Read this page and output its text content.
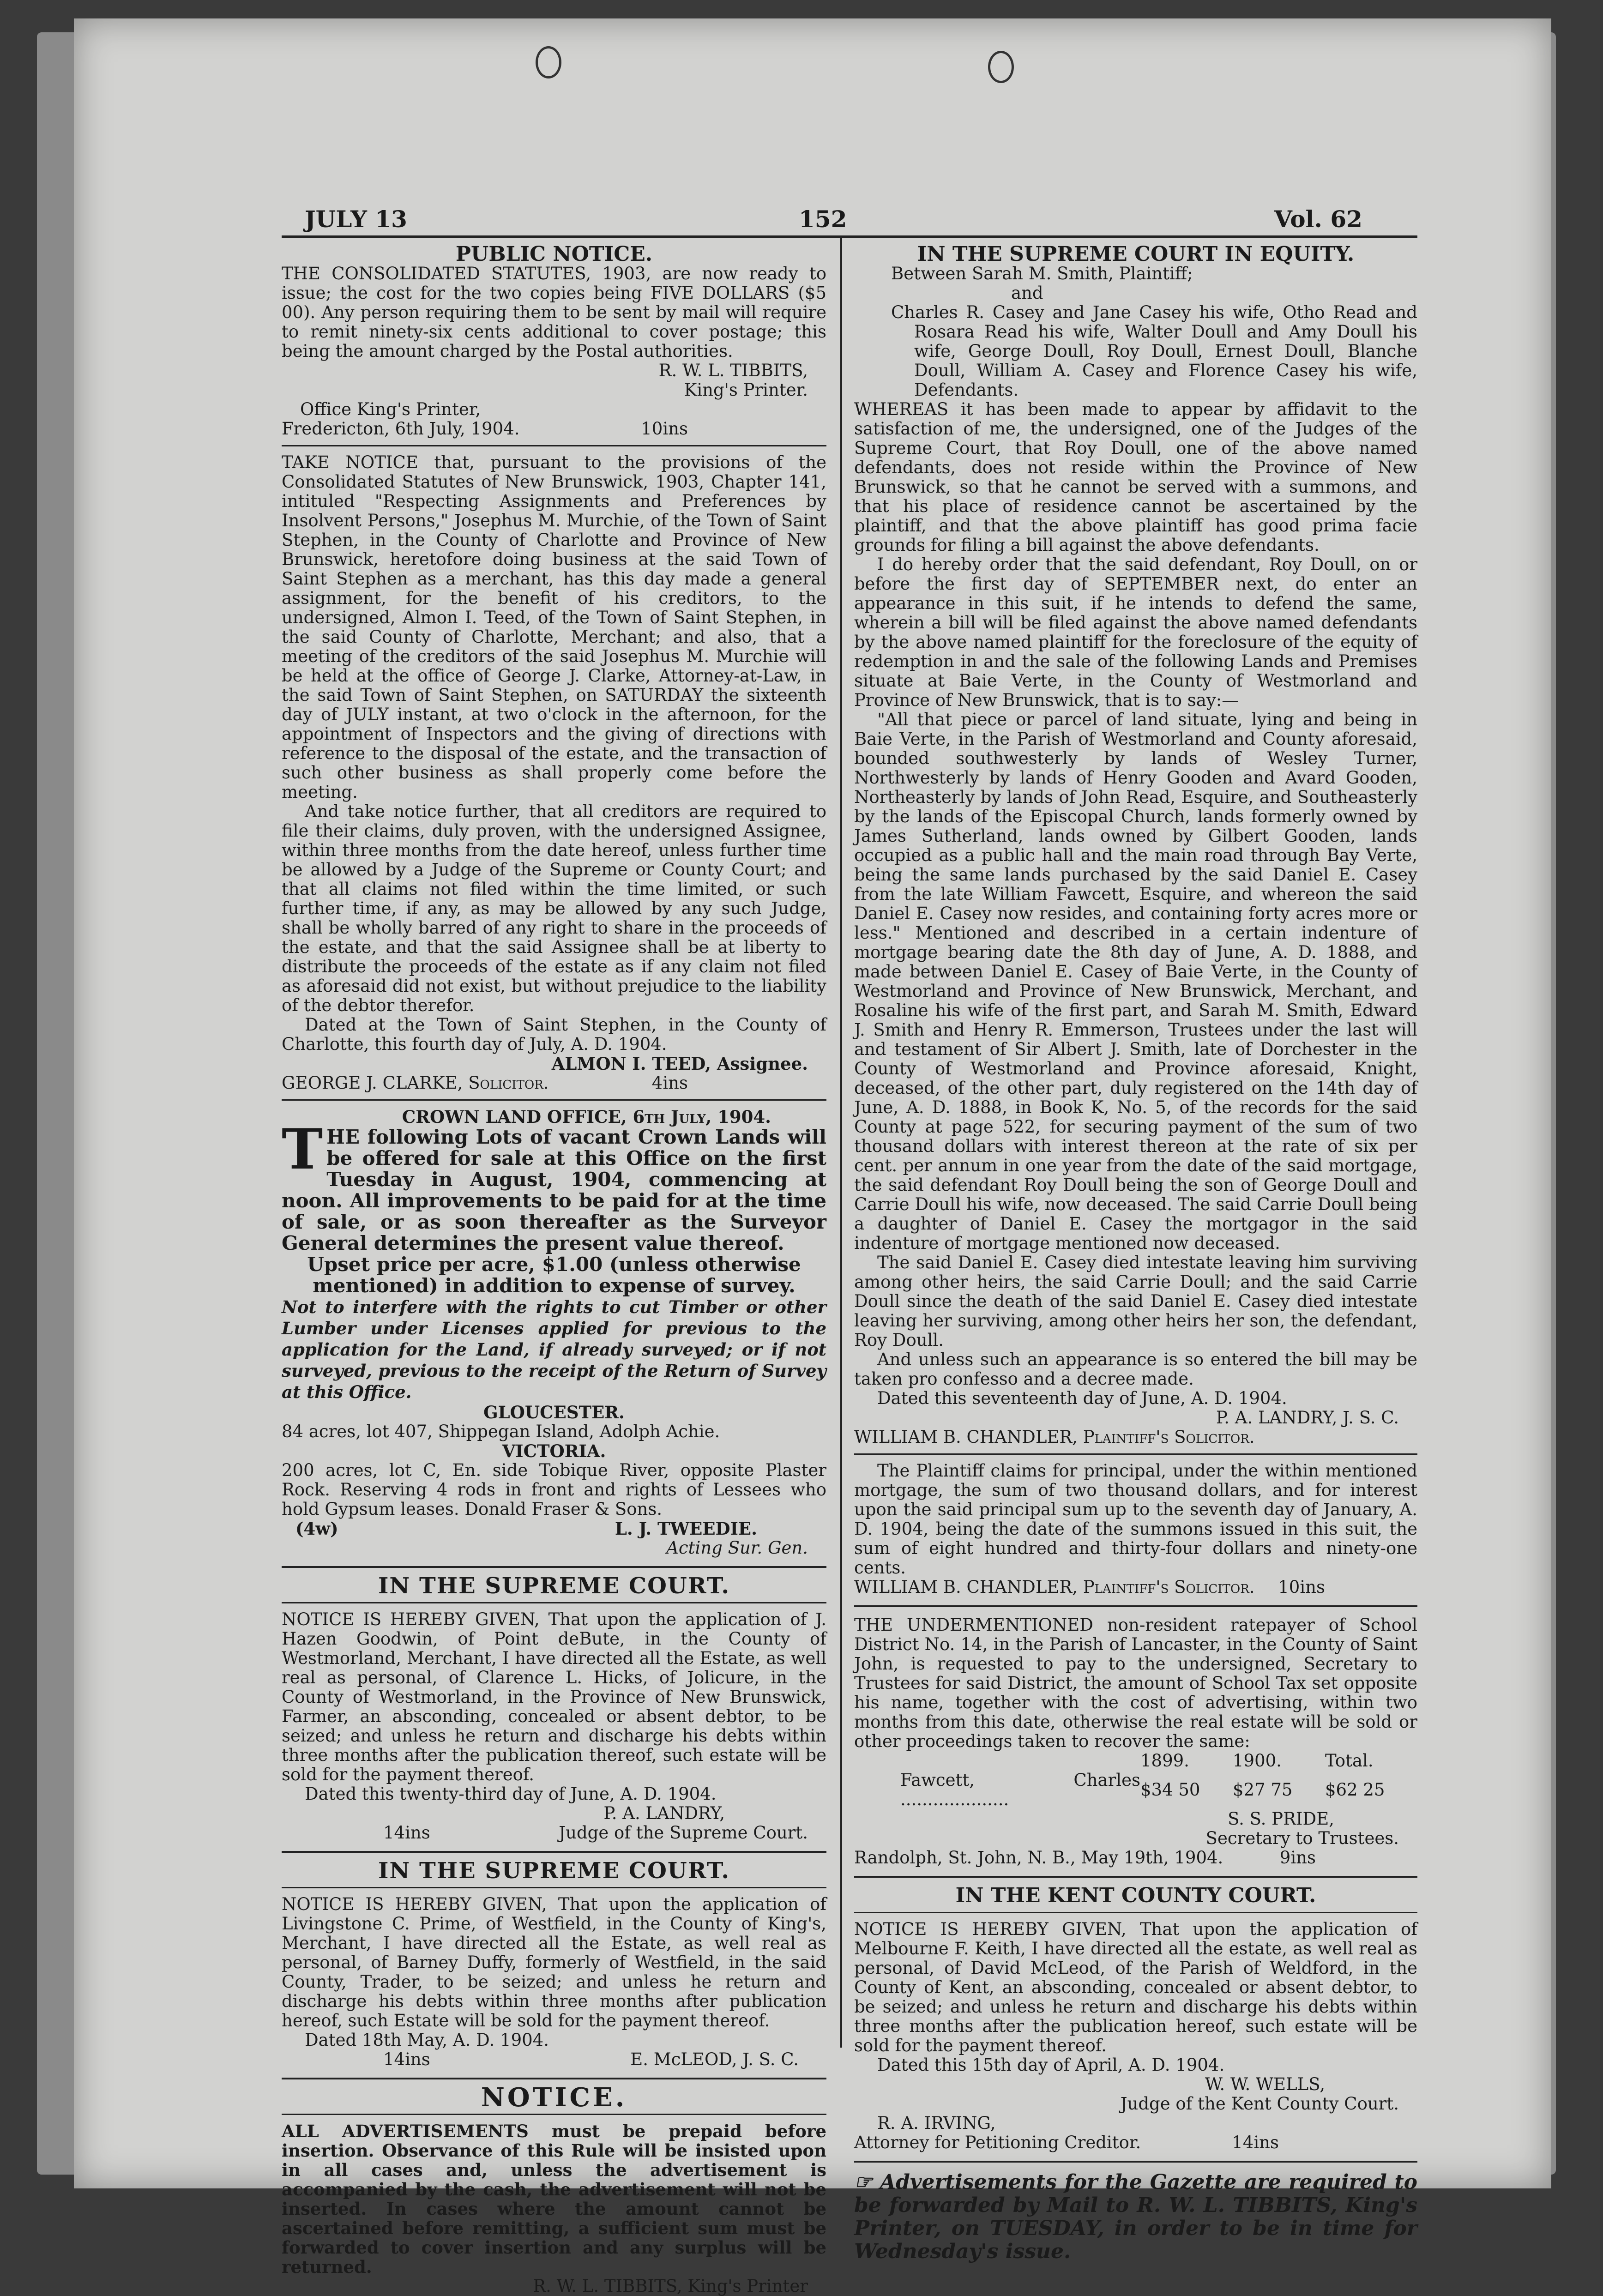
JULY 13	152	Vol. 62

PUBLIC NOTICE.

THE CONSOLIDATED STATUTES, 1903, are now ready to issue; the cost for the two copies being FIVE DOLLARS ($5 00). Any person requiring them to be sent by mail will require to remit ninety-six cents additional to cover postage; this being the amount charged by the Postal authorities.

R. W. L. TIBBITS,

King's Printer.

Office King's Printer,

Fredericton, 6th July, 1904.	10ins

TAKE NOTICE that, pursuant to the provisions of the Consolidated Statutes of New Brunswick, 1903, Chapter 141, intituled "Respecting Assignments and Preferences by Insolvent Persons," Josephus M. Murchie, of the Town of Saint Stephen, in the County of Charlotte and Province of New Brunswick, heretofore doing business at the said Town of Saint Stephen as a merchant, has this day made a general assignment, for the benefit of his creditors, to the undersigned, Almon I. Teed, of the Town of Saint Stephen, in the said County of Charlotte, Merchant; and also, that a meeting of the creditors of the said Josephus M. Murchie will be held at the office of George J. Clarke, Attorney-at-Law, in the said Town of Saint Stephen, on SATURDAY the sixteenth day of JULY instant, at two o'clock in the afternoon, for the appointment of Inspectors and the giving of directions with reference to the disposal of the estate, and the transaction of such other business as shall properly come before the meeting.

And take notice further, that all creditors are required to file their claims, duly proven, with the undersigned Assignee, within three months from the date hereof, unless further time be allowed by a Judge of the Supreme or County Court; and that all claims not filed within the time limited, or such further time, if any, as may be allowed by any such Judge, shall be wholly barred of any right to share in the proceeds of the estate, and that the said Assignee shall be at liberty to distribute the proceeds of the estate as if any claim not filed as aforesaid did not exist, but without prejudice to the liability of the debtor therefor.

Dated at the Town of Saint Stephen, in the County of Charlotte, this fourth day of July, A. D. 1904.

ALMON I. TEED, Assignee.

GEORGE J. CLARKE, Solicitor.	4ins

CROWN LAND OFFICE, 6th July, 1904.

THE following Lots of vacant Crown Lands will be offered for sale at this Office on the first Tuesday in August, 1904, commencing at noon. All improvements to be paid for at the time of sale, or as soon thereafter as the Surveyor General determines the present value thereof.

Upset price per acre, $1.00 (unless otherwise mentioned) in addition to expense of survey.

Not to interfere with the rights to cut Timber or other Lumber under Licenses applied for previous to the application for the Land, if already surveyed; or if not surveyed, previous to the receipt of the Return of Survey at this Office.

GLOUCESTER.

84 acres, lot 407, Shippegan Island, Adolph Achie.

VICTORIA.

200 acres, lot C, En. side Tobique River, opposite Plaster Rock. Reserving 4 rods in front and rights of Lessees who hold Gypsum leases. Donald Fraser & Sons.

(4w)	L. J. TWEEDIE.

Acting Sur. Gen.

IN THE SUPREME COURT.

NOTICE IS HEREBY GIVEN, That upon the application of J. Hazen Goodwin, of Point deBute, in the County of Westmorland, Merchant, I have directed all the Estate, as well real as personal, of Clarence L. Hicks, of Jolicure, in the County of Westmorland, in the Province of New Brunswick, Farmer, an absconding, concealed or absent debtor, to be seized; and unless he return and discharge his debts within three months after the publication thereof, such estate will be sold for the payment thereof.

Dated this twenty-third day of June, A. D. 1904.

P. A. LANDRY,

14ins	Judge of the Supreme Court.

IN THE SUPREME COURT.

NOTICE IS HEREBY GIVEN, That upon the application of Livingstone C. Prime, of Westfield, in the County of King's, Merchant, I have directed all the Estate, as well real as personal, of Barney Duffy, formerly of Westfield, in the said County, Trader, to be seized; and unless he return and discharge his debts within three months after publication hereof, such Estate will be sold for the payment thereof.

Dated 18th May, A. D. 1904.

14ins	E. McLEOD, J. S. C.

NOTICE.

ALL ADVERTISEMENTS must be prepaid before insertion. Observance of this Rule will be insisted upon in all cases and, unless the advertisement is accompanied by the cash, the advertisement will not be inserted. In cases where the amount cannot be ascertained before remitting, a sufficient sum must be forwarded to cover insertion and any surplus will be returned.

R. W. L. TIBBITS, King's Printer

IN THE SUPREME COURT IN EQUITY.

Between Sarah M. Smith, Plaintiff;

and

Charles R. Casey and Jane Casey his wife, Otho Read and Rosara Read his wife, Walter Doull and Amy Doull his wife, George Doull, Roy Doull, Ernest Doull, Blanche Doull, William A. Casey and Florence Casey his wife, Defendants.

WHEREAS it has been made to appear by affidavit to the satisfaction of me, the undersigned, one of the Judges of the Supreme Court, that Roy Doull, one of the above named defendants, does not reside within the Province of New Brunswick, so that he cannot be served with a summons, and that his place of residence cannot be ascertained by the plaintiff, and that the above plaintiff has good prima facie grounds for filing a bill against the above defendants.

I do hereby order that the said defendant, Roy Doull, on or before the first day of SEPTEMBER next, do enter an appearance in this suit, if he intends to defend the same, wherein a bill will be filed against the above named defendants by the above named plaintiff for the foreclosure of the equity of redemption in and the sale of the following Lands and Premises situate at Baie Verte, in the County of Westmorland and Province of New Brunswick, that is to say:—

"All that piece or parcel of land situate, lying and being in Baie Verte, in the Parish of Westmorland and County aforesaid, bounded southwesterly by lands of Wesley Turner, Northwesterly by lands of Henry Gooden and Avard Gooden, Northeasterly by lands of John Read, Esquire, and Southeasterly by the lands of the Episcopal Church, lands formerly owned by James Sutherland, lands owned by Gilbert Gooden, lands occupied as a public hall and the main road through Bay Verte, being the same lands purchased by the said Daniel E. Casey from the late William Fawcett, Esquire, and whereon the said Daniel E. Casey now resides, and containing forty acres more or less." Mentioned and described in a certain indenture of mortgage bearing date the 8th day of June, A. D. 1888, and made between Daniel E. Casey of Baie Verte, in the County of Westmorland and Province of New Brunswick, Merchant, and Rosaline his wife of the first part, and Sarah M. Smith, Edward J. Smith and Henry R. Emmerson, Trustees under the last will and testament of Sir Albert J. Smith, late of Dorchester in the County of Westmorland and Province aforesaid, Knight, deceased, of the other part, duly registered on the 14th day of June, A. D. 1888, in Book K, No. 5, of the records for the said County at page 522, for securing payment of the sum of two thousand dollars with interest thereon at the rate of six per cent. per annum in one year from the date of the said mortgage, the said defendant Roy Doull being the son of George Doull and Carrie Doull his wife, now deceased. The said Carrie Doull being a daughter of Daniel E. Casey the mortgagor in the said indenture of mortgage mentioned now deceased.

The said Daniel E. Casey died intestate leaving him surviving among other heirs, the said Carrie Doull; and the said Carrie Doull since the death of the said Daniel E. Casey died intestate leaving her surviving, among other heirs her son, the defendant, Roy Doull.

And unless such an appearance is so entered the bill may be taken pro confesso and a decree made.

Dated this seventeenth day of June, A. D. 1904.

P. A. LANDRY, J. S. C.

WILLIAM B. CHANDLER, Plaintiff's Solicitor.

The Plaintiff claims for principal, under the within mentioned mortgage, the sum of two thousand dollars, and for interest upon the said principal sum up to the seventh day of January, A. D. 1904, being the date of the summons issued in this suit, the sum of eight hundred and thirty-four dollars and ninety-one cents.

WILLIAM B. CHANDLER, Plaintiff's Solicitor. 10ins

THE UNDERMENTIONED non-resident ratepayer of School District No. 14, in the Parish of Lancaster, in the County of Saint John, is requested to pay to the undersigned, Secretary to Trustees for said District, the amount of School Tax set opposite his name, together with the cost of advertising, within two months from this date, otherwise the real estate will be sold or other proceedings taken to recover the same:

	1899.	1900.	Total.
Fawcett, Charles ....................	$34 50	$27 75	$62 25

S. S. PRIDE,

Secretary to Trustees.

Randolph, St. John, N. B., May 19th, 1904.	9ins

IN THE KENT COUNTY COURT.

NOTICE IS HEREBY GIVEN, That upon the application of Melbourne F. Keith, I have directed all the estate, as well real as personal, of David McLeod, of the Parish of Weldford, in the County of Kent, an absconding, concealed or absent debtor, to be seized; and unless he return and discharge his debts within three months after the publication hereof, such estate will be sold for the payment thereof.

Dated this 15th day of April, A. D. 1904.

W. W. WELLS,

Judge of the Kent County Court.

R. A. IRVING,

Attorney for Petitioning Creditor.	14ins

☞ Advertisements for the Gazette are required to be forwarded by Mail to R. W. L. TIBBITS, King's Printer, on TUESDAY, in order to be in time for Wednesday's issue.
